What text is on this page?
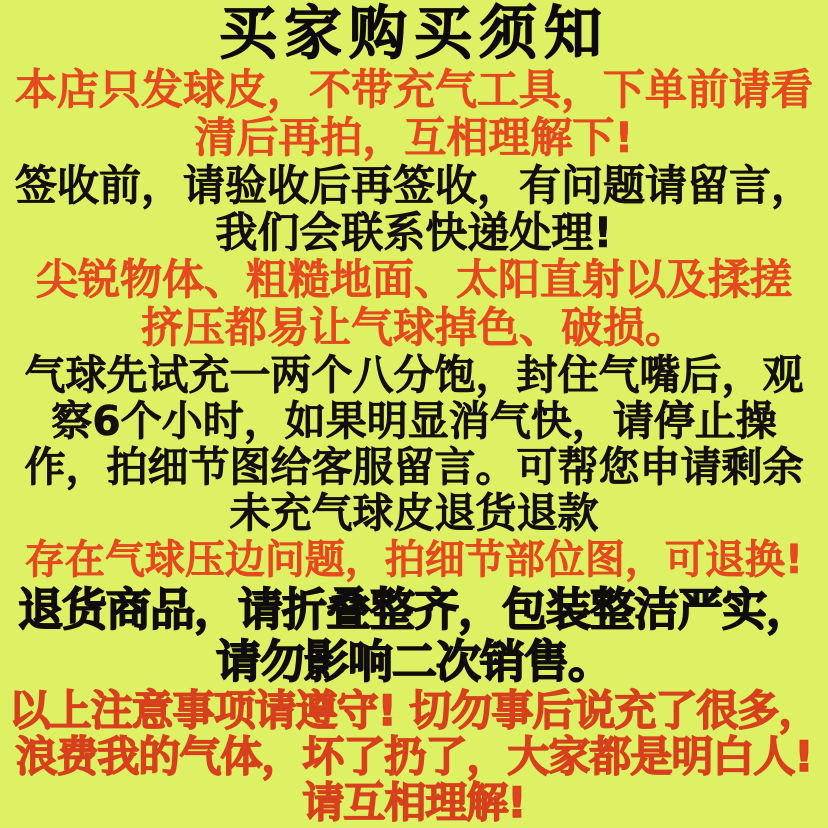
买家购买须知
本店只发球皮，不带充气工具，下单前请看
清后再拍，互相理解下!
签收前，请验收后再签收，有问题请留言，
我们会联系快递处理!
尖锐物体、粗糙地面、太阳直射以及揉搓
挤压都易让气球掉色、破损。
气球先试充一两个八分饱，封住气嘴后，观
察6个小时，如果明显消气快，请停止操
作，拍细节图给客服留言。可帮您申请剩余
未充气球皮退货退款
存在气球压边问题，拍细节部位图，可退换!
退货商品，请折叠整齐，包装整洁严实，
请勿影响二次销售。
以上注意事项请遵守! 切勿事后说充了很多，
浪费我的气体，坏了扔了，大家都是明白人!
请互相理解!
